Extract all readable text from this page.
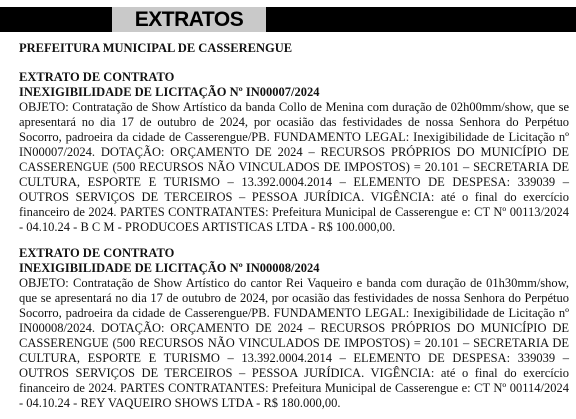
EXTRATOS

PREFEITURA MUNICIPAL DE CASSERENGUE

EXTRATO DE CONTRATO

INEXIGIBILIDADE DE LICITAÇÃO Nº IN00007/2024

OBJETO: Contratação de Show Artístico da banda Collo de Menina com duração de 02h00mm/show, que se apresentará no dia 17 de outubro de 2024, por ocasião das festividades de nossa Senhora do Perpétuo Socorro, padroeira da cidade de Casserengue/PB. FUNDAMENTO LEGAL: Inexigibilidade de Licitação nº IN00007/2024. DOTAÇÃO: ORÇAMENTO DE 2024 – RECURSOS PRÓPRIOS DO MUNICÍPIO DE CASSERENGUE (500 RECURSOS NÃO VINCULADOS DE IMPOSTOS) = 20.101 – SECRETARIA DE CULTURA, ESPORTE E TURISMO – 13.392.0004.2014 – ELEMENTO DE DESPESA: 339039 – OUTROS SERVIÇOS DE TERCEIROS – PESSOA JURÍDICA. VIGÊNCIA: até o final do exercício financeiro de 2024. PARTES CONTRATANTES: Prefeitura Municipal de Casserengue e: CT Nº 00113/2024 - 04.10.24 - B C M - PRODUCOES ARTISTICAS LTDA - R$ 100.000,00.

EXTRATO DE CONTRATO

INEXIGIBILIDADE DE LICITAÇÃO Nº IN00008/2024

OBJETO: Contratação de Show Artístico do cantor Rei Vaqueiro e banda com duração de 01h30mm/show, que se apresentará no dia 17 de outubro de 2024, por ocasião das festividades de nossa Senhora do Perpétuo Socorro, padroeira da cidade de Casserengue/PB. FUNDAMENTO LEGAL: Inexigibilidade de Licitação nº IN00008/2024. DOTAÇÃO: ORÇAMENTO DE 2024 – RECURSOS PRÓPRIOS DO MUNICÍPIO DE CASSERENGUE (500 RECURSOS NÃO VINCULADOS DE IMPOSTOS) = 20.101 – SECRETARIA DE CULTURA, ESPORTE E TURISMO – 13.392.0004.2014 – ELEMENTO DE DESPESA: 339039 – OUTROS SERVIÇOS DE TERCEIROS – PESSOA JURÍDICA. VIGÊNCIA: até o final do exercício financeiro de 2024. PARTES CONTRATANTES: Prefeitura Municipal de Casserengue e: CT Nº 00114/2024 - 04.10.24 - REY VAQUEIRO SHOWS LTDA - R$ 180.000,00.
